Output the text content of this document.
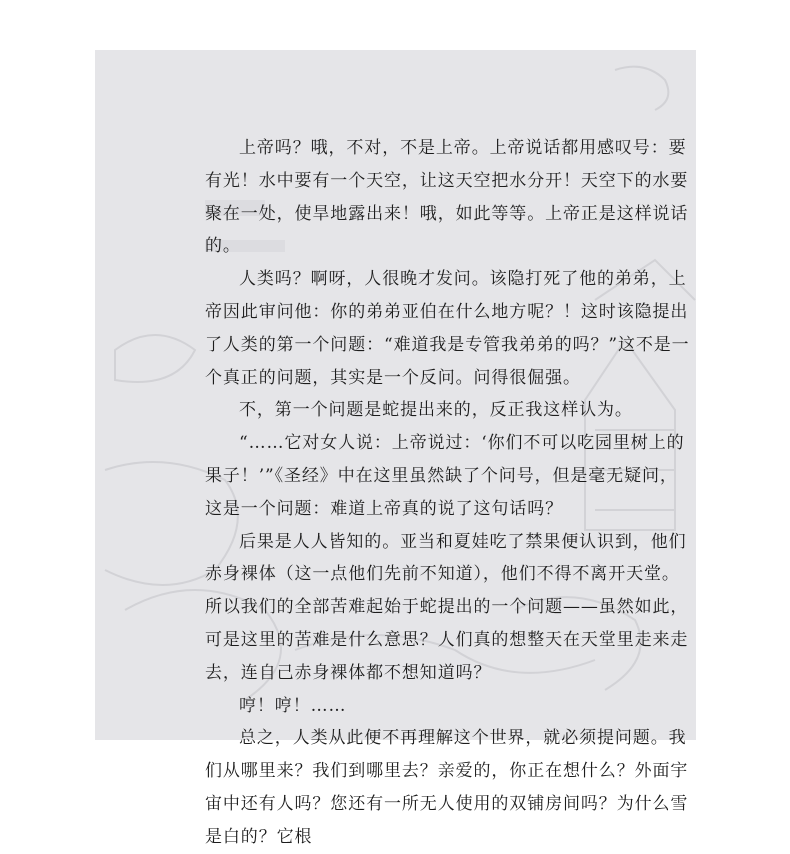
上帝吗？哦，不对，不是上帝。上帝说话都用感叹号：要有光！水中要有一个天空，让这天空把水分开！天空下的水要聚在一处，使旱地露出来！哦，如此等等。上帝正是这样说话的。

人类吗？啊呀，人很晚才发问。该隐打死了他的弟弟，上帝因此审问他：你的弟弟亚伯在什么地方呢？！这时该隐提出了人类的第一个问题：“难道我是专管我弟弟的吗？”这不是一个真正的问题，其实是一个反问。问得很倔强。

不，第一个问题是蛇提出来的，反正我这样认为。

“……它对女人说：上帝说过：‘你们不可以吃园里树上的果子！’”《圣经》中在这里虽然缺了个问号，但是毫无疑问，这是一个问题：难道上帝真的说了这句话吗？

后果是人人皆知的。亚当和夏娃吃了禁果便认识到，他们赤身裸体（这一点他们先前不知道），他们不得不离开天堂。所以我们的全部苦难起始于蛇提出的一个问题——虽然如此，可是这里的苦难是什么意思？人们真的想整天在天堂里走来走去，连自己赤身裸体都不想知道吗？

哼！哼！……

总之，人类从此便不再理解这个世界，就必须提问题。我们从哪里来？我们到哪里去？亲爱的，你正在想什么？外面宇宙中还有人吗？您还有一所无人使用的双铺房间吗？为什么雪是白的？它根
